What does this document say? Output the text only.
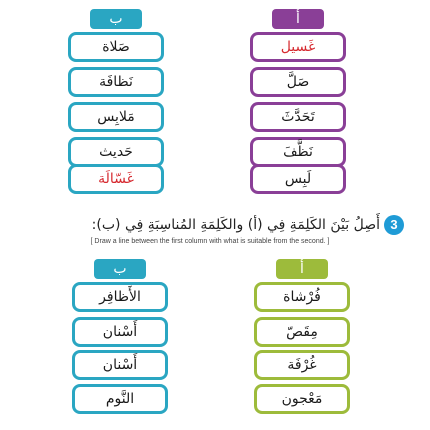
ب
صَلاة
نَظافَة
مَلابِس
حَديث
غَسّالَة
أ
غَسيل
صَلَّ
تَحَدَّثَ
نَظَّفَ
لَبِس
3
أَصِلُ بَيْنَ الكَلِمَةِ فِي (أ) والكَلِمَةِ المُناسِبَةِ فِي (ب):
[ Draw a line between the first column with what is suitable from the second. ]
ب
الأَظافِر
أَسْنان
أَسْنان
النَّوم
أ
فُرْشاة
مِقَصّ
غُرْفَة
مَعْجون
